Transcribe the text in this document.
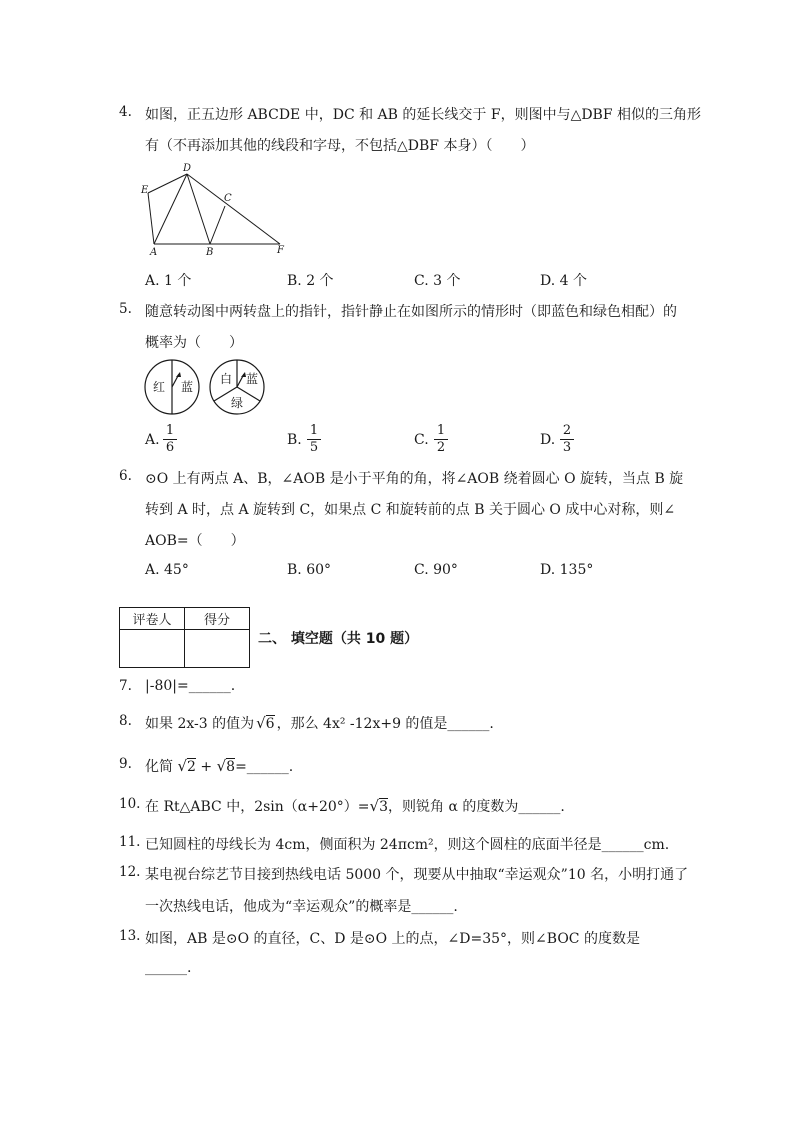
4. 如图，正五边形 ABCDE 中，DC 和 AB 的延长线交于 F，则图中与△DBF 相似的三角形
有（不再添加其他的线段和字母，不包括△DBF 本身）（　　）
D
E
C
A	B	F
A. 1 个	B. 2 个	C. 3 个	D. 4 个
5. 随意转动图中两转盘上的指针，指针静止在如图所示的情形时（即蓝色和绿色相配）的
概率为（　　）
红 蓝
白 蓝
绿
A. $\frac{1}{6}$	B. $\frac{1}{5}$	C. $\frac{1}{2}$	D. $\frac{2}{3}$
6. ⊙O 上有两点 A、B，∠AOB 是小于平角的角，将∠AOB 绕着圆心 O 旋转，当点 B 旋
转到 A 时，点 A 旋转到 C，如果点 C 和旋转前的点 B 关于圆心 O 成中心对称，则∠
AOB=（　　）
A. 45°	B. 60°	C. 90°	D. 135°
评卷人	得分

二、 填空题（共 10 题）
7. |-80|=______.
8. 如果 2x-3 的值为 √6 ，那么 4x² -12x+9 的值是______.
9. 化简 √2 + √8=______.
10. 在 Rt△ABC 中，2sin（α+20°）=√3，则锐角 α 的度数为______.
11. 已知圆柱的母线长为 4cm，侧面积为 24πcm²，则这个圆柱的底面半径是______cm.
12. 某电视台综艺节目接到热线电话 5000 个，现要从中抽取“幸运观众”10 名，小明打通了
一次热线电话，他成为“幸运观众”的概率是______.
13. 如图，AB 是⊙O 的直径，C、D 是⊙O 上的点，∠D=35°，则∠BOC 的度数是
______.
